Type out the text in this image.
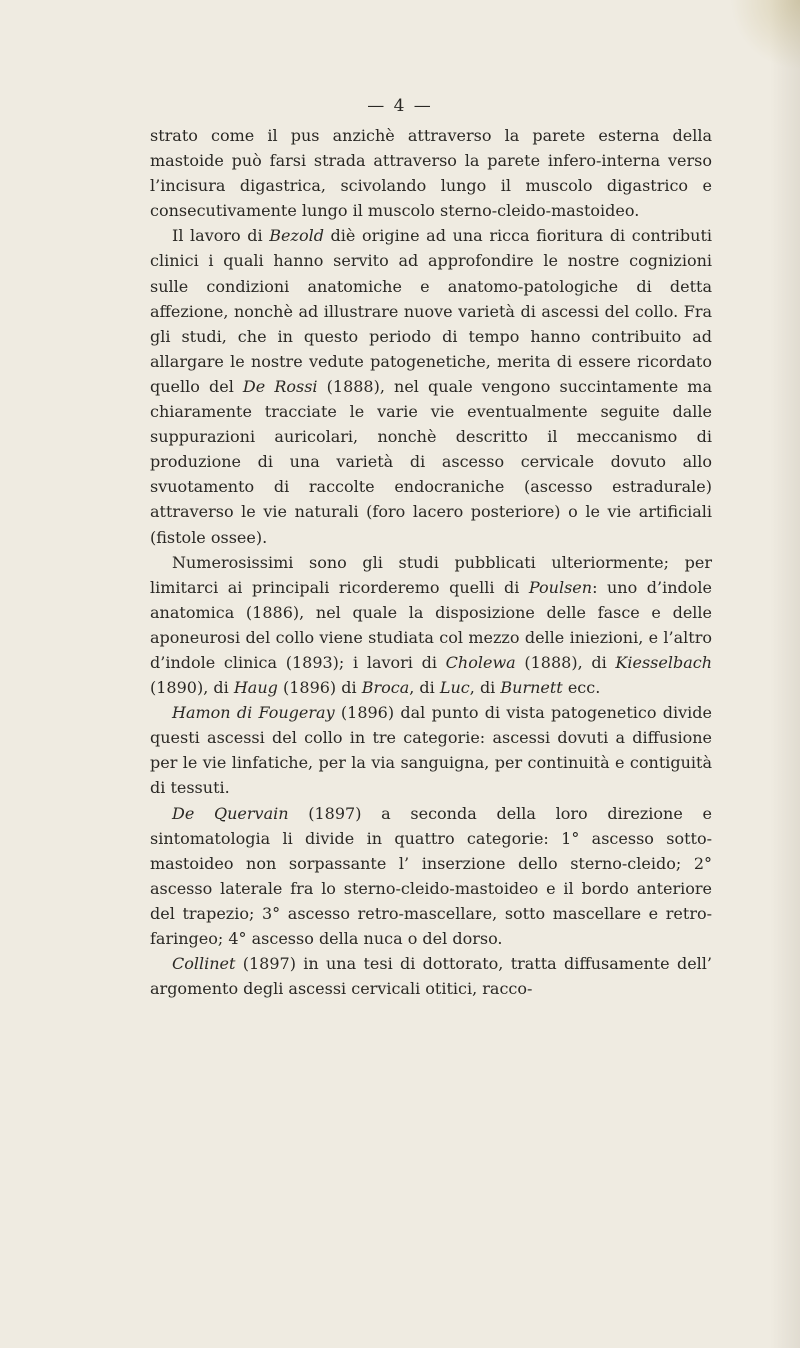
— 4 —

strato come il pus anzichè attraverso la parete esterna della mastoide può farsi strada attraverso la parete infero-interna verso l’incisura digastrica, scivolando lungo il muscolo digastrico e consecutivamente lungo il muscolo sterno-cleido-mastoideo.

Il lavoro di Bezold diè origine ad una ricca fioritura di contributi clinici i quali hanno servito ad approfondire le nostre cognizioni sulle condizioni anatomiche e anatomo-patologiche di detta affezione, nonchè ad illustrare nuove varietà di ascessi del collo. Fra gli studi, che in questo periodo di tempo hanno contribuito ad allargare le nostre vedute patogenetiche, merita di essere ricordato quello del De Rossi (1888), nel quale vengono succintamente ma chiaramente tracciate le varie vie eventualmente seguite dalle suppurazioni auricolari, nonchè descritto il meccanismo di produzione di una varietà di ascesso cervicale dovuto allo svuotamento di raccolte endocraniche (ascesso estradurale) attraverso le vie naturali (foro lacero posteriore) o le vie artificiali (fistole ossee).

Numerosissimi sono gli studi pubblicati ulteriormente; per limitarci ai principali ricorderemo quelli di Poulsen: uno d’indole anatomica (1886), nel quale la disposizione delle fasce e delle aponeurosi del collo viene studiata col mezzo delle iniezioni, e l’altro d’indole clinica (1893); i lavori di Cholewa (1888), di Kiesselbach (1890), di Haug (1896) di Broca, di Luc, di Burnett ecc.

Hamon di Fougeray (1896) dal punto di vista patogenetico divide questi ascessi del collo in tre categorie: ascessi dovuti a diffusione per le vie linfatiche, per la via sanguigna, per continuità e contiguità di tessuti.

De Quervain (1897) a seconda della loro direzione e sintomatologia li divide in quattro categorie: 1° ascesso sotto-mastoideo non sorpassante l’ inserzione dello sterno-cleido; 2° ascesso laterale fra lo sterno-cleido-mastoideo e il bordo anteriore del trapezio; 3° ascesso retro-mascellare, sotto mascellare e retro-faringeo; 4° ascesso della nuca o del dorso.

Collinet (1897) in una tesi di dottorato, tratta diffusamente dell’ argomento degli ascessi cervicali otitici, racco-
